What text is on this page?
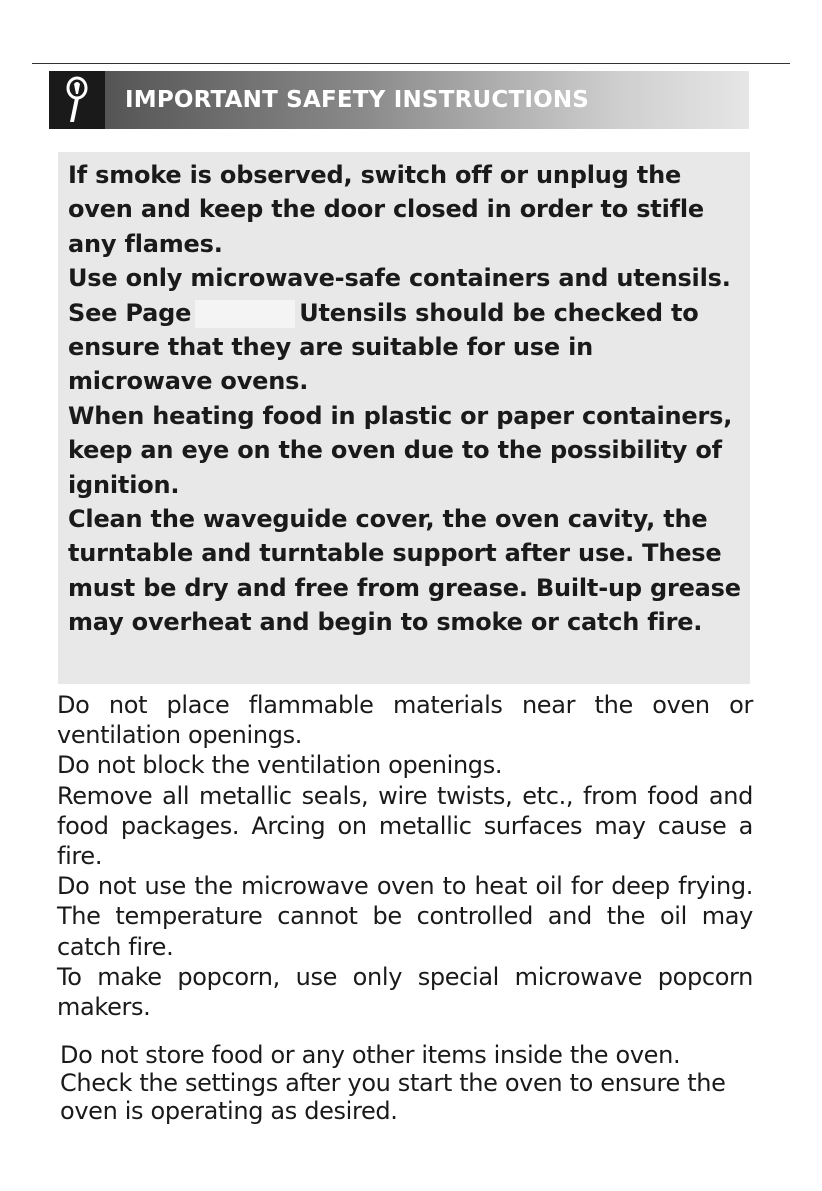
IMPORTANT SAFETY INSTRUCTIONS

If smoke is observed, switch off or unplug the oven and keep the door closed in order to stifle any flames.

Use only microwave-safe containers and utensils. See Page	Utensils should be checked to ensure that they are suitable for use in microwave ovens.

When heating food in plastic or paper containers, keep an eye on the oven due to the possibility of ignition.

Clean the waveguide cover, the oven cavity, the turntable and turntable support after use. These must be dry and free from grease. Built-up grease may overheat and begin to smoke or catch fire.

Do not place flammable materials near the oven or ventilation openings.

Do not block the ventilation openings.

Remove all metallic seals, wire twists, etc., from food and food packages. Arcing on metallic surfaces may cause a fire.

Do not use the microwave oven to heat oil for deep frying. The temperature cannot be controlled and the oil may catch fire.

To make popcorn, use only special microwave popcorn makers.

Do not store food or any other items inside the oven.

Check the settings after you start the oven to ensure the oven is operating as desired.
